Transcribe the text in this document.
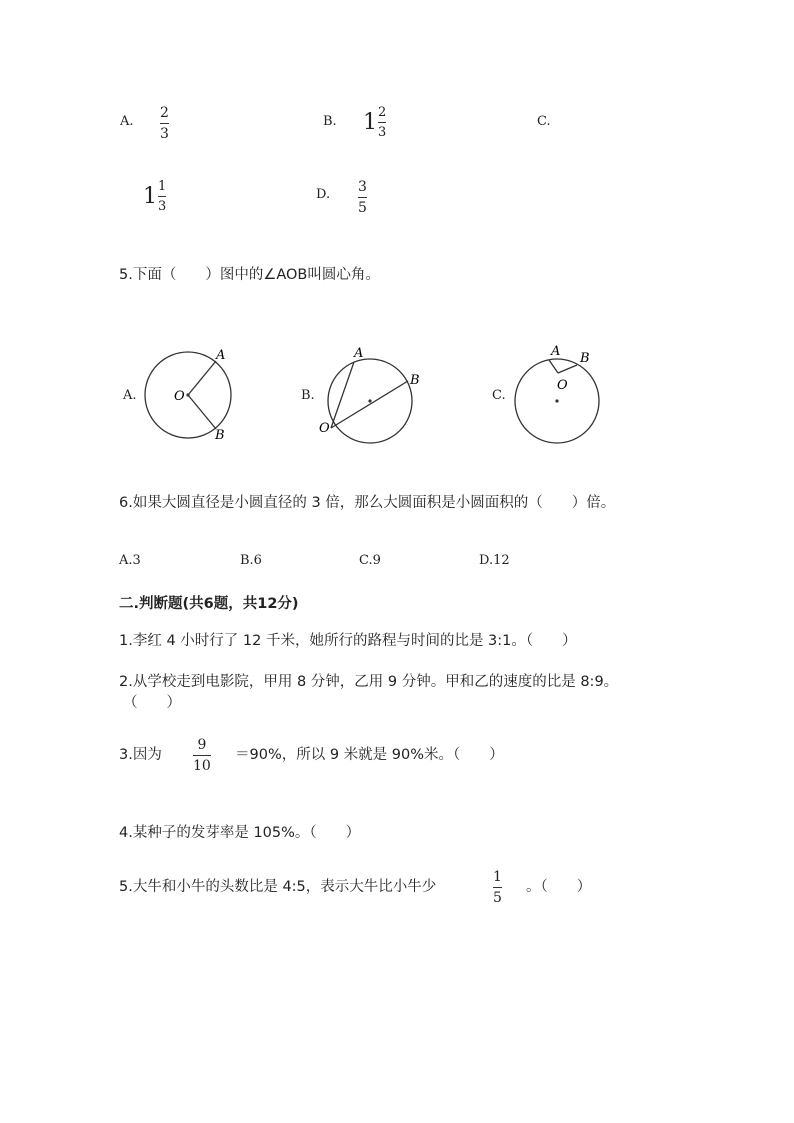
A.
2
3
B. $1 \frac{2}{3}$	C.
$1 \frac{1}{3}$	D. 3
5
5.下面（　　）图中的∠AOB叫圆心角。
A.
A
O
B
B.
A
B
O
C.
A B
O
6.如果大圆直径是小圆直径的 3 倍，那么大圆面积是小圆面积的（　　）倍。
A.3	B.6	C.9	D.12
二.判断题(共6题，共12分)
1.李红 4 小时行了 12 千米，她所行的路程与时间的比是 3:1。（　　）
2.从学校走到电影院，甲用 8 分钟，乙用 9 分钟。甲和乙的速度的比是 8:9。
（　　）
3.因为
9
10
＝90%，所以 9 米就是 90%米。（　　）
4.某种子的发芽率是 105%。（　　）
5.大牛和小牛的头数比是 4:5，表示大牛比小牛少
1
5
。（　　）
